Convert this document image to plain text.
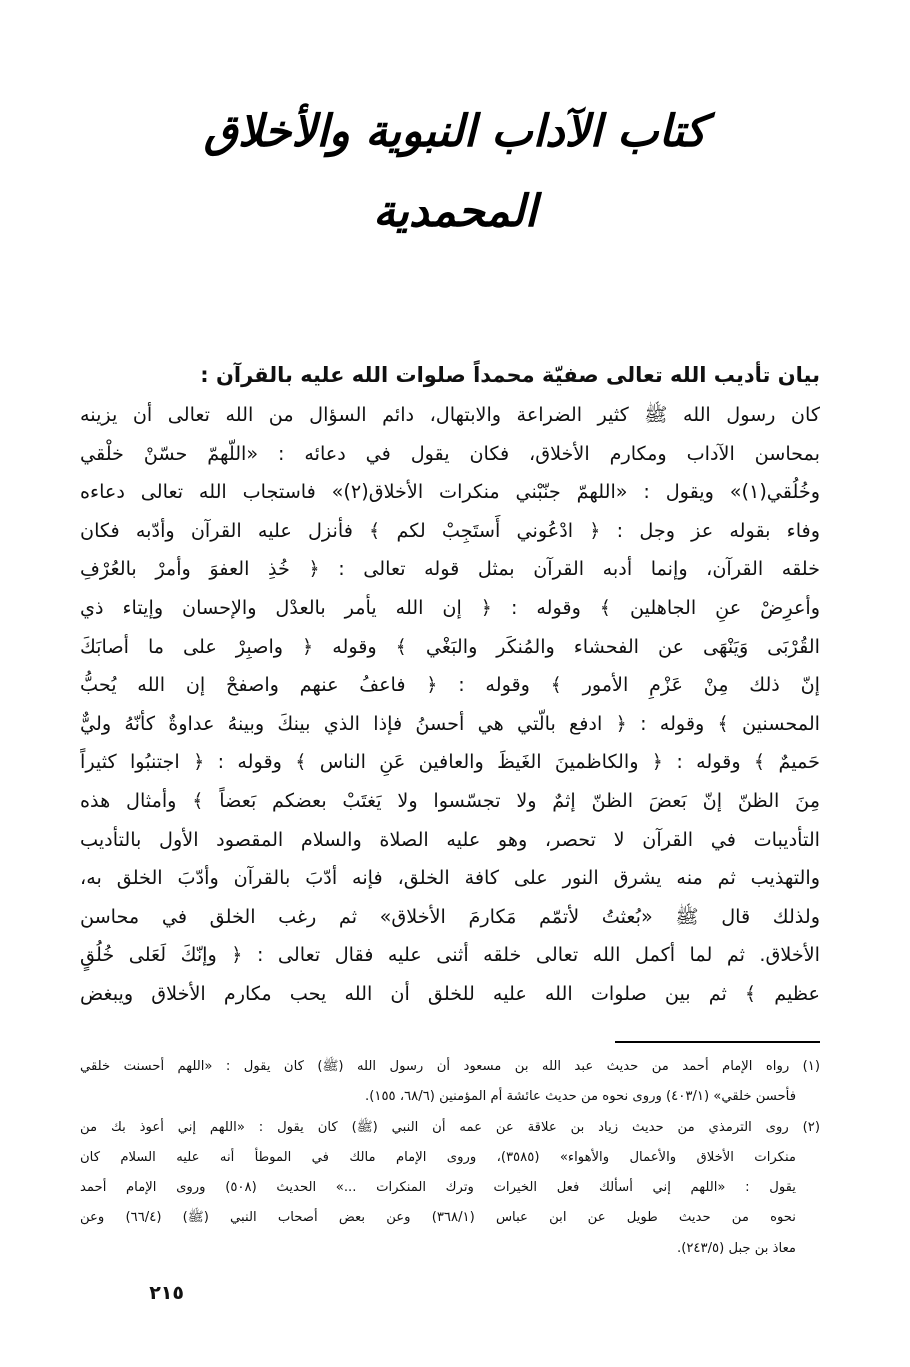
كتاب الآداب النبوية والأخلاق المحمدية
بيان تأديب الله تعالى صفيّة محمداً صلوات الله عليه بالقرآن :
كان رسول الله ﷺ كثير الضراعة والابتهال، دائم السؤال من الله تعالى أن يزينه
بمحاسن الآداب ومكارم الأخلاق، فكان يقول في دعائه : «اللّهمّ حسّنْ خلْقي
وخُلُقي(١)» ويقول : «اللهمّ جنّبْني منكرات الأخلاق(٢)» فاستجاب الله تعالى دعاءه
وفاء بقوله عز وجل : ﴿ ادْعُوني أَستَجِبْ لكم ﴾ فأنزل عليه القرآن وأدّبه فكان
خلقه القرآن، وإنما أدبه القرآن بمثل قوله تعالى : ﴿ خُذِ العفوَ وأمرْ بالعُرْفِ
وأعرِضْ عنِ الجاهلين ﴾ وقوله : ﴿ إن الله يأمر بالعدْل والإحسان وإيتاء ذي
القُرْبَى وَيَنْهَى عن الفحشاء والمُنكَر والبَغْي ﴾ وقوله ﴿ واصبِرْ على ما أصابَكَ
إنّ ذلك مِنْ عَزْمِ الأمور ﴾ وقوله : ﴿ فاعفُ عنهم واصفحْ إن الله يُحبُّ
المحسنين ﴾ وقوله : ﴿ ادفع بالّتي هي أحسنُ فإذا الذي بينكَ وبينهُ عداوةٌ كأنّهُ وليٌّ
حَميمٌ ﴾ وقوله : ﴿ والكاظمينَ الغَيظَ والعافين عَنِ الناس ﴾ وقوله : ﴿ اجتنبُوا كثيراً
مِنَ الظنّ إنّ بَعضَ الظنّ إثمٌ ولا تجسّسوا ولا يَغتَبْ بعضكم بَعضاً ﴾ وأمثال هذه
التأديبات في القرآن لا تحصر، وهو عليه الصلاة والسلام المقصود الأول بالتأديب
والتهذيب ثم منه يشرق النور على كافة الخلق، فإنه أدّبَ بالقرآن وأدّبَ الخلق به،
ولذلك قال ﷺ «بُعثتُ لأتمّم مَكارمَ الأخلاق» ثم رغب الخلق في محاسن
الأخلاق. ثم لما أكمل الله تعالى خلقه أثنى عليه فقال تعالى : ﴿ وإنّكَ لَعَلى خُلُقٍ
عظيم ﴾ ثم بين صلوات الله عليه للخلق أن الله يحب مكارم الأخلاق ويبغض
(١) رواه الإمام أحمد من حديث عبد الله بن مسعود أن رسول الله (ﷺ) كان يقول : «اللهم أحسنت خلقي
فأحسن خلقي» (٤٠٣/١) وروى نحوه من حديث عائشة أم المؤمنين (٦٨/٦، ١٥٥).
(٢) روى الترمذي من حديث زياد بن علاقة عن عمه أن النبي (ﷺ) كان يقول : «اللهم إني أعوذ بك من
منكرات الأخلاق والأعمال والأهواء» (٣٥٨٥)، وروى الإمام مالك في الموطأ أنه عليه السلام كان
يقول : «اللهم إني أسألك فعل الخيرات وترك المنكرات ...» الحديث (٥٠٨) وروى الإمام أحمد
نحوه من حديث طويل عن ابن عباس (٣٦٨/١) وعن بعض أصحاب النبي (ﷺ) (٦٦/٤) وعن
معاذ بن جبل (٢٤٣/٥).
٢١٥
